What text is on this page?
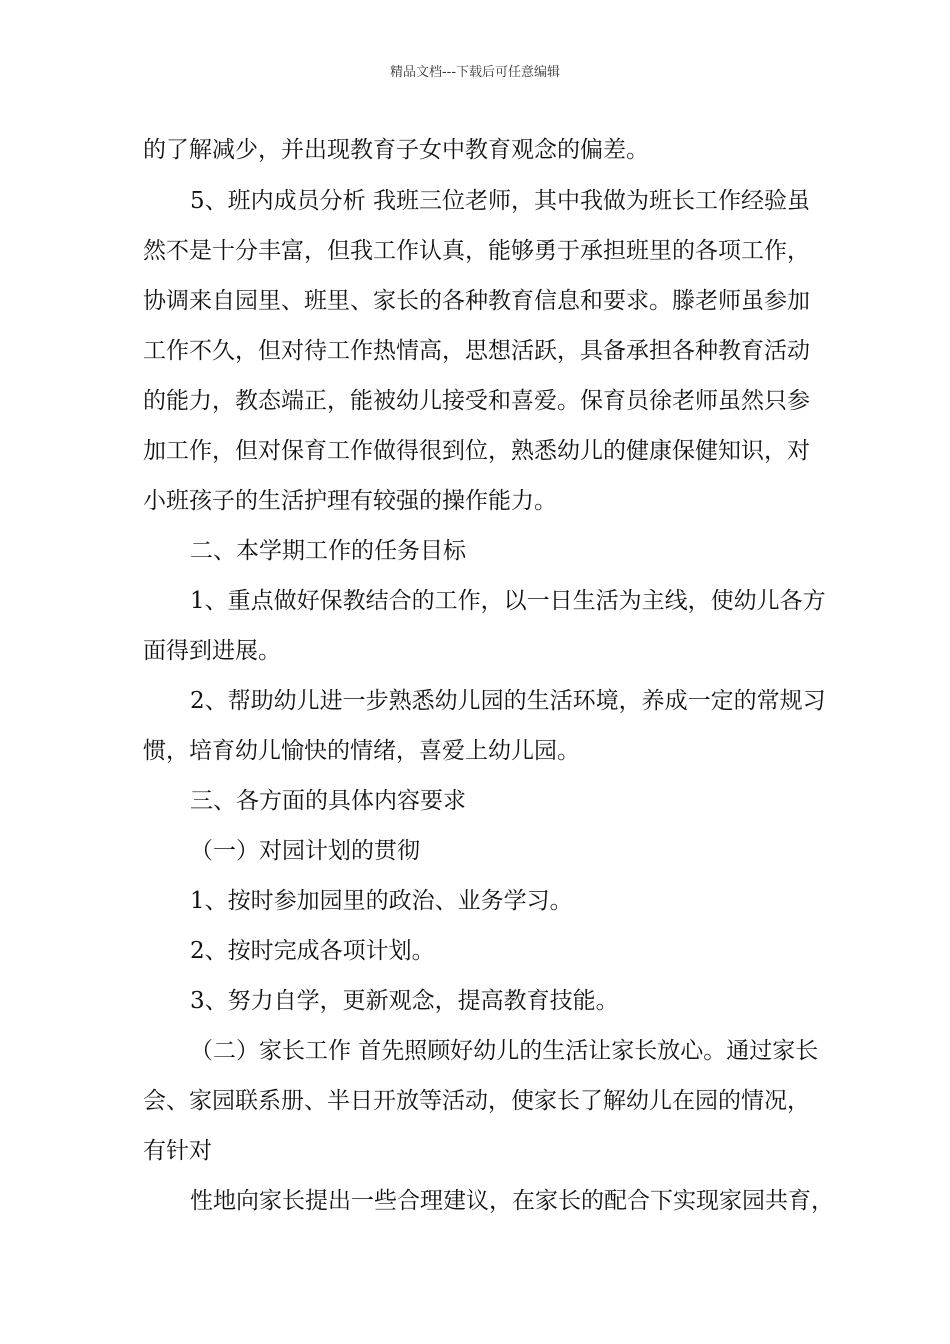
精品文档---下载后可任意编辑
的了解减少，并出现教育子女中教育观念的偏差。
5、班内成员分析 我班三位老师，其中我做为班长工作经验虽
然不是十分丰富，但我工作认真，能够勇于承担班里的各项工作，
协调来自园里、班里、家长的各种教育信息和要求。滕老师虽参加
工作不久，但对待工作热情高，思想活跃，具备承担各种教育活动
的能力，教态端正，能被幼儿接受和喜爱。保育员徐老师虽然只参
加工作，但对保育工作做得很到位，熟悉幼儿的健康保健知识，对
小班孩子的生活护理有较强的操作能力。
二、本学期工作的任务目标
1、重点做好保教结合的工作，以一日生活为主线，使幼儿各方
面得到进展。
2、帮助幼儿进一步熟悉幼儿园的生活环境，养成一定的常规习
惯，培育幼儿愉快的情绪，喜爱上幼儿园。
三、各方面的具体内容要求
（一）对园计划的贯彻
1、按时参加园里的政治、业务学习。
2、按时完成各项计划。
3、努力自学，更新观念，提高教育技能。
（二）家长工作 首先照顾好幼儿的生活让家长放心。通过家长
会、家园联系册、半日开放等活动，使家长了解幼儿在园的情况，
有针对
性地向家长提出一些合理建议，在家长的配合下实现家园共育，
